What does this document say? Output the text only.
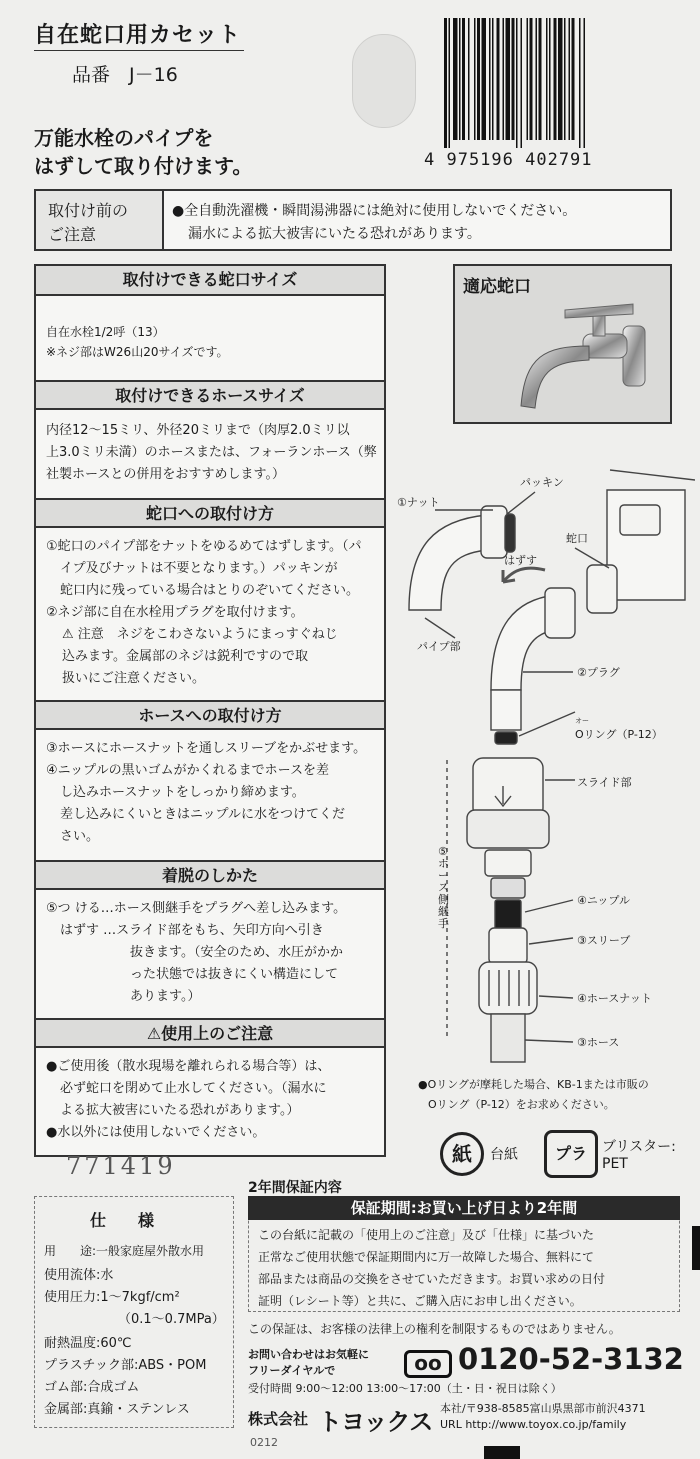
自在蛇口用カセット
品番　J－16
4 975196 402791
万能水栓のパイプを
はずして取り付けます。
取付け前の
ご注意
●全自動洗濯機・瞬間湯沸器には絶対に使用しないでください。
漏水による拡大被害にいたる恐れがあります。
取付けできる蛇口サイズ
自在水栓1/2呼（13）
※ネジ部はW26山20サイズです。
取付けできるホースサイズ
内径12～15ミリ、外径20ミリまで（肉厚2.0ミリ以
上3.0ミリ未満）のホースまたは、フォーランホース（弊
社製ホースとの併用をおすすめします。）
蛇口への取付け方
①蛇口のパイプ部をナットをゆるめてはずします。（パ
イプ及びナットは不要となります。）パッキンが
蛇口内に残っている場合はとりのぞいてください。
②ネジ部に自在水栓用プラグを取付けます。
⚠ 注意　ネジをこわさないようにまっすぐねじ
込みます。金属部のネジは鋭利ですので取
扱いにご注意ください。
ホースへの取付け方
③ホースにホースナットを通しスリーブをかぶせます。
④ニップルの黒いゴムがかくれるまでホースを差
し込みホースナットをしっかり締めます。
差し込みにくいときはニップルに水をつけてくだ
さい。
着脱のしかた
⑤つ ける…ホース側継手をプラグへ差し込みます。
はずす …スライド部をもち、矢印方向へ引き
抜きます。（安全のため、水圧がかか
った状態では抜きにくい構造にして
あります。）
⚠使用上のご注意
●ご使用後（散水現場を離れられる場合等）は、
必ず蛇口を閉めて止水してください。（漏水に
よる拡大被害にいたる恐れがあります。）
●水以外には使用しないでください。
適応蛇口
①ナット
パッキン
蛇口
はずす
パイプ部
②プラグ
オー
Oリング（P-12）
スライド部
⑤ホース側継手
④ニップル
③スリーブ
④ホースナット
③ホース
●Oリングが摩耗した場合、KB-1または市販の
Oリング（P-12）をお求めください。
紙	台紙	プラ	ブリスター:
PET
771419
仕　　様
用　　途:一般家庭屋外散水用
使用流体:水
使用圧力:1～7kgf/cm²
（0.1～0.7MPa）
耐熱温度:60℃
プラスチック部:ABS・POM
ゴム部:合成ゴム
金属部:真鍮・ステンレス
2年間保証内容
保証期間:お買い上げ日より2年間
この台紙に記載の「使用上のご注意」及び「仕様」に基づいた
正常なご使用状態で保証期間内に万一故障した場合、無料にて
部品または商品の交換をさせていただきます。お買い求めの日付
証明（レシート等）と共に、ご購入店にお申し出ください。
この保証は、お客様の法律上の権利を制限するものではありません。
お問い合わせはお気軽に
フリーダイヤルで	oo 0120-52-3132
受付時間 9:00～12:00 13:00～17:00（土・日・祝日は除く）
株式会社 トヨックス 本社/〒938-8585富山県黒部市前沢4371
URL http://www.toyox.co.jp/family
0212
